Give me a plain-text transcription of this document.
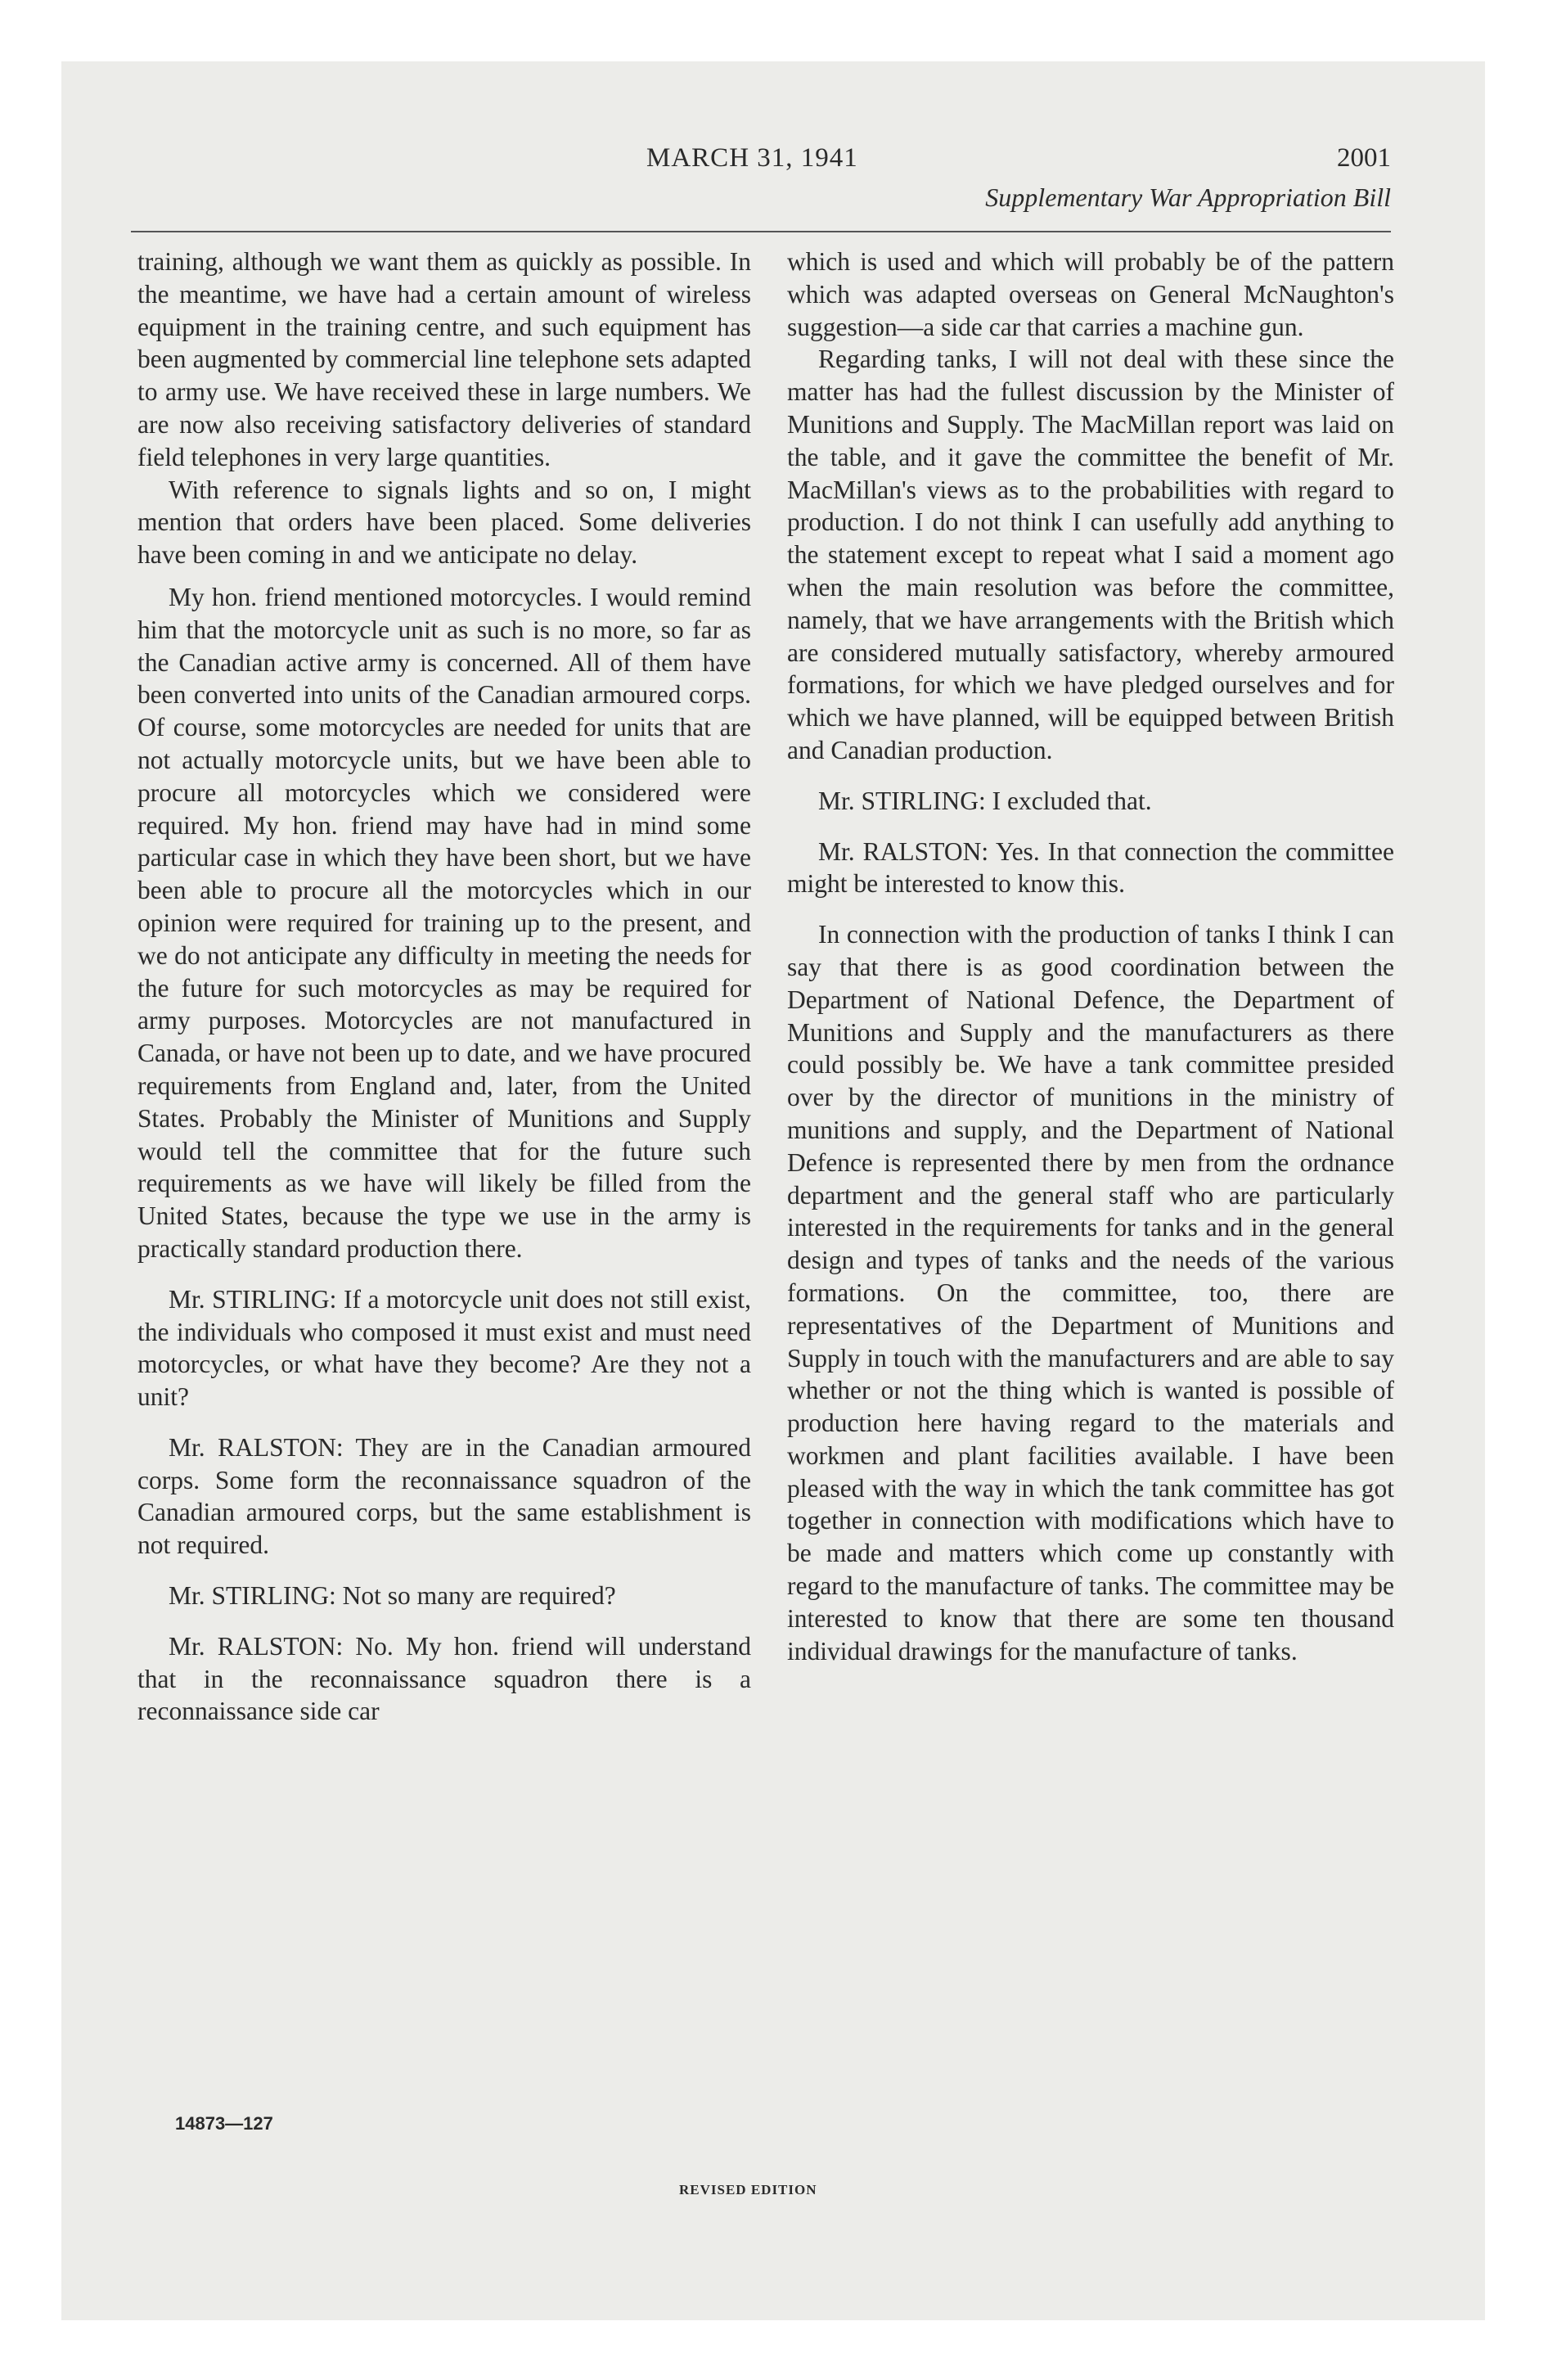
MARCH 31, 1941	2001
Supplementary War Appropriation Bill

training, although we want them as quickly as possible. In the meantime, we have had a certain amount of wireless equipment in the training centre, and such equipment has been augmented by commercial line telephone sets adapted to army use. We have received these in large numbers. We are now also receiving satisfactory deliveries of standard field telephones in very large quantities.

With reference to signals lights and so on, I might mention that orders have been placed. Some deliveries have been coming in and we anticipate no delay.

My hon. friend mentioned motorcycles. I would remind him that the motorcycle unit as such is no more, so far as the Canadian active army is concerned. All of them have been converted into units of the Canadian armoured corps. Of course, some motorcycles are needed for units that are not actually motorcycle units, but we have been able to procure all motorcycles which we considered were required. My hon. friend may have had in mind some particular case in which they have been short, but we have been able to procure all the motorcycles which in our opinion were required for training up to the present, and we do not anticipate any difficulty in meeting the needs for the future for such motorcycles as may be required for army purposes. Motorcycles are not manufactured in Canada, or have not been up to date, and we have procured requirements from England and, later, from the United States. Probably the Minister of Munitions and Supply would tell the committee that for the future such requirements as we have will likely be filled from the United States, because the type we use in the army is practically standard production there.

Mr. STIRLING: If a motorcycle unit does not still exist, the individuals who composed it must exist and must need motorcycles, or what have they become? Are they not a unit?

Mr. RALSTON: They are in the Canadian armoured corps. Some form the reconnaissance squadron of the Canadian armoured corps, but the same establishment is not required.

Mr. STIRLING: Not so many are required?

Mr. RALSTON: No. My hon. friend will understand that in the reconnaissance squadron there is a reconnaissance side car

which is used and which will probably be of the pattern which was adapted overseas on General McNaughton's suggestion—a side car that carries a machine gun.

Regarding tanks, I will not deal with these since the matter has had the fullest discussion by the Minister of Munitions and Supply. The MacMillan report was laid on the table, and it gave the committee the benefit of Mr. MacMillan's views as to the probabilities with regard to production. I do not think I can usefully add anything to the statement except to repeat what I said a moment ago when the main resolution was before the committee, namely, that we have arrangements with the British which are considered mutually satisfactory, whereby armoured formations, for which we have pledged ourselves and for which we have planned, will be equipped between British and Canadian production.

Mr. STIRLING: I excluded that.

Mr. RALSTON: Yes. In that connection the committee might be interested to know this.

In connection with the production of tanks I think I can say that there is as good coordination between the Department of National Defence, the Department of Munitions and Supply and the manufacturers as there could possibly be. We have a tank committee presided over by the director of munitions in the ministry of munitions and supply, and the Department of National Defence is represented there by men from the ordnance department and the general staff who are particularly interested in the requirements for tanks and in the general design and types of tanks and the needs of the various formations. On the committee, too, there are representatives of the Department of Munitions and Supply in touch with the manufacturers and are able to say whether or not the thing which is wanted is possible of production here having regard to the materials and workmen and plant facilities available. I have been pleased with the way in which the tank committee has got together in connection with modifications which have to be made and matters which come up constantly with regard to the manufacture of tanks. The committee may be interested to know that there are some ten thousand individual drawings for the manufacture of tanks.

14873—127
REVISED EDITION
